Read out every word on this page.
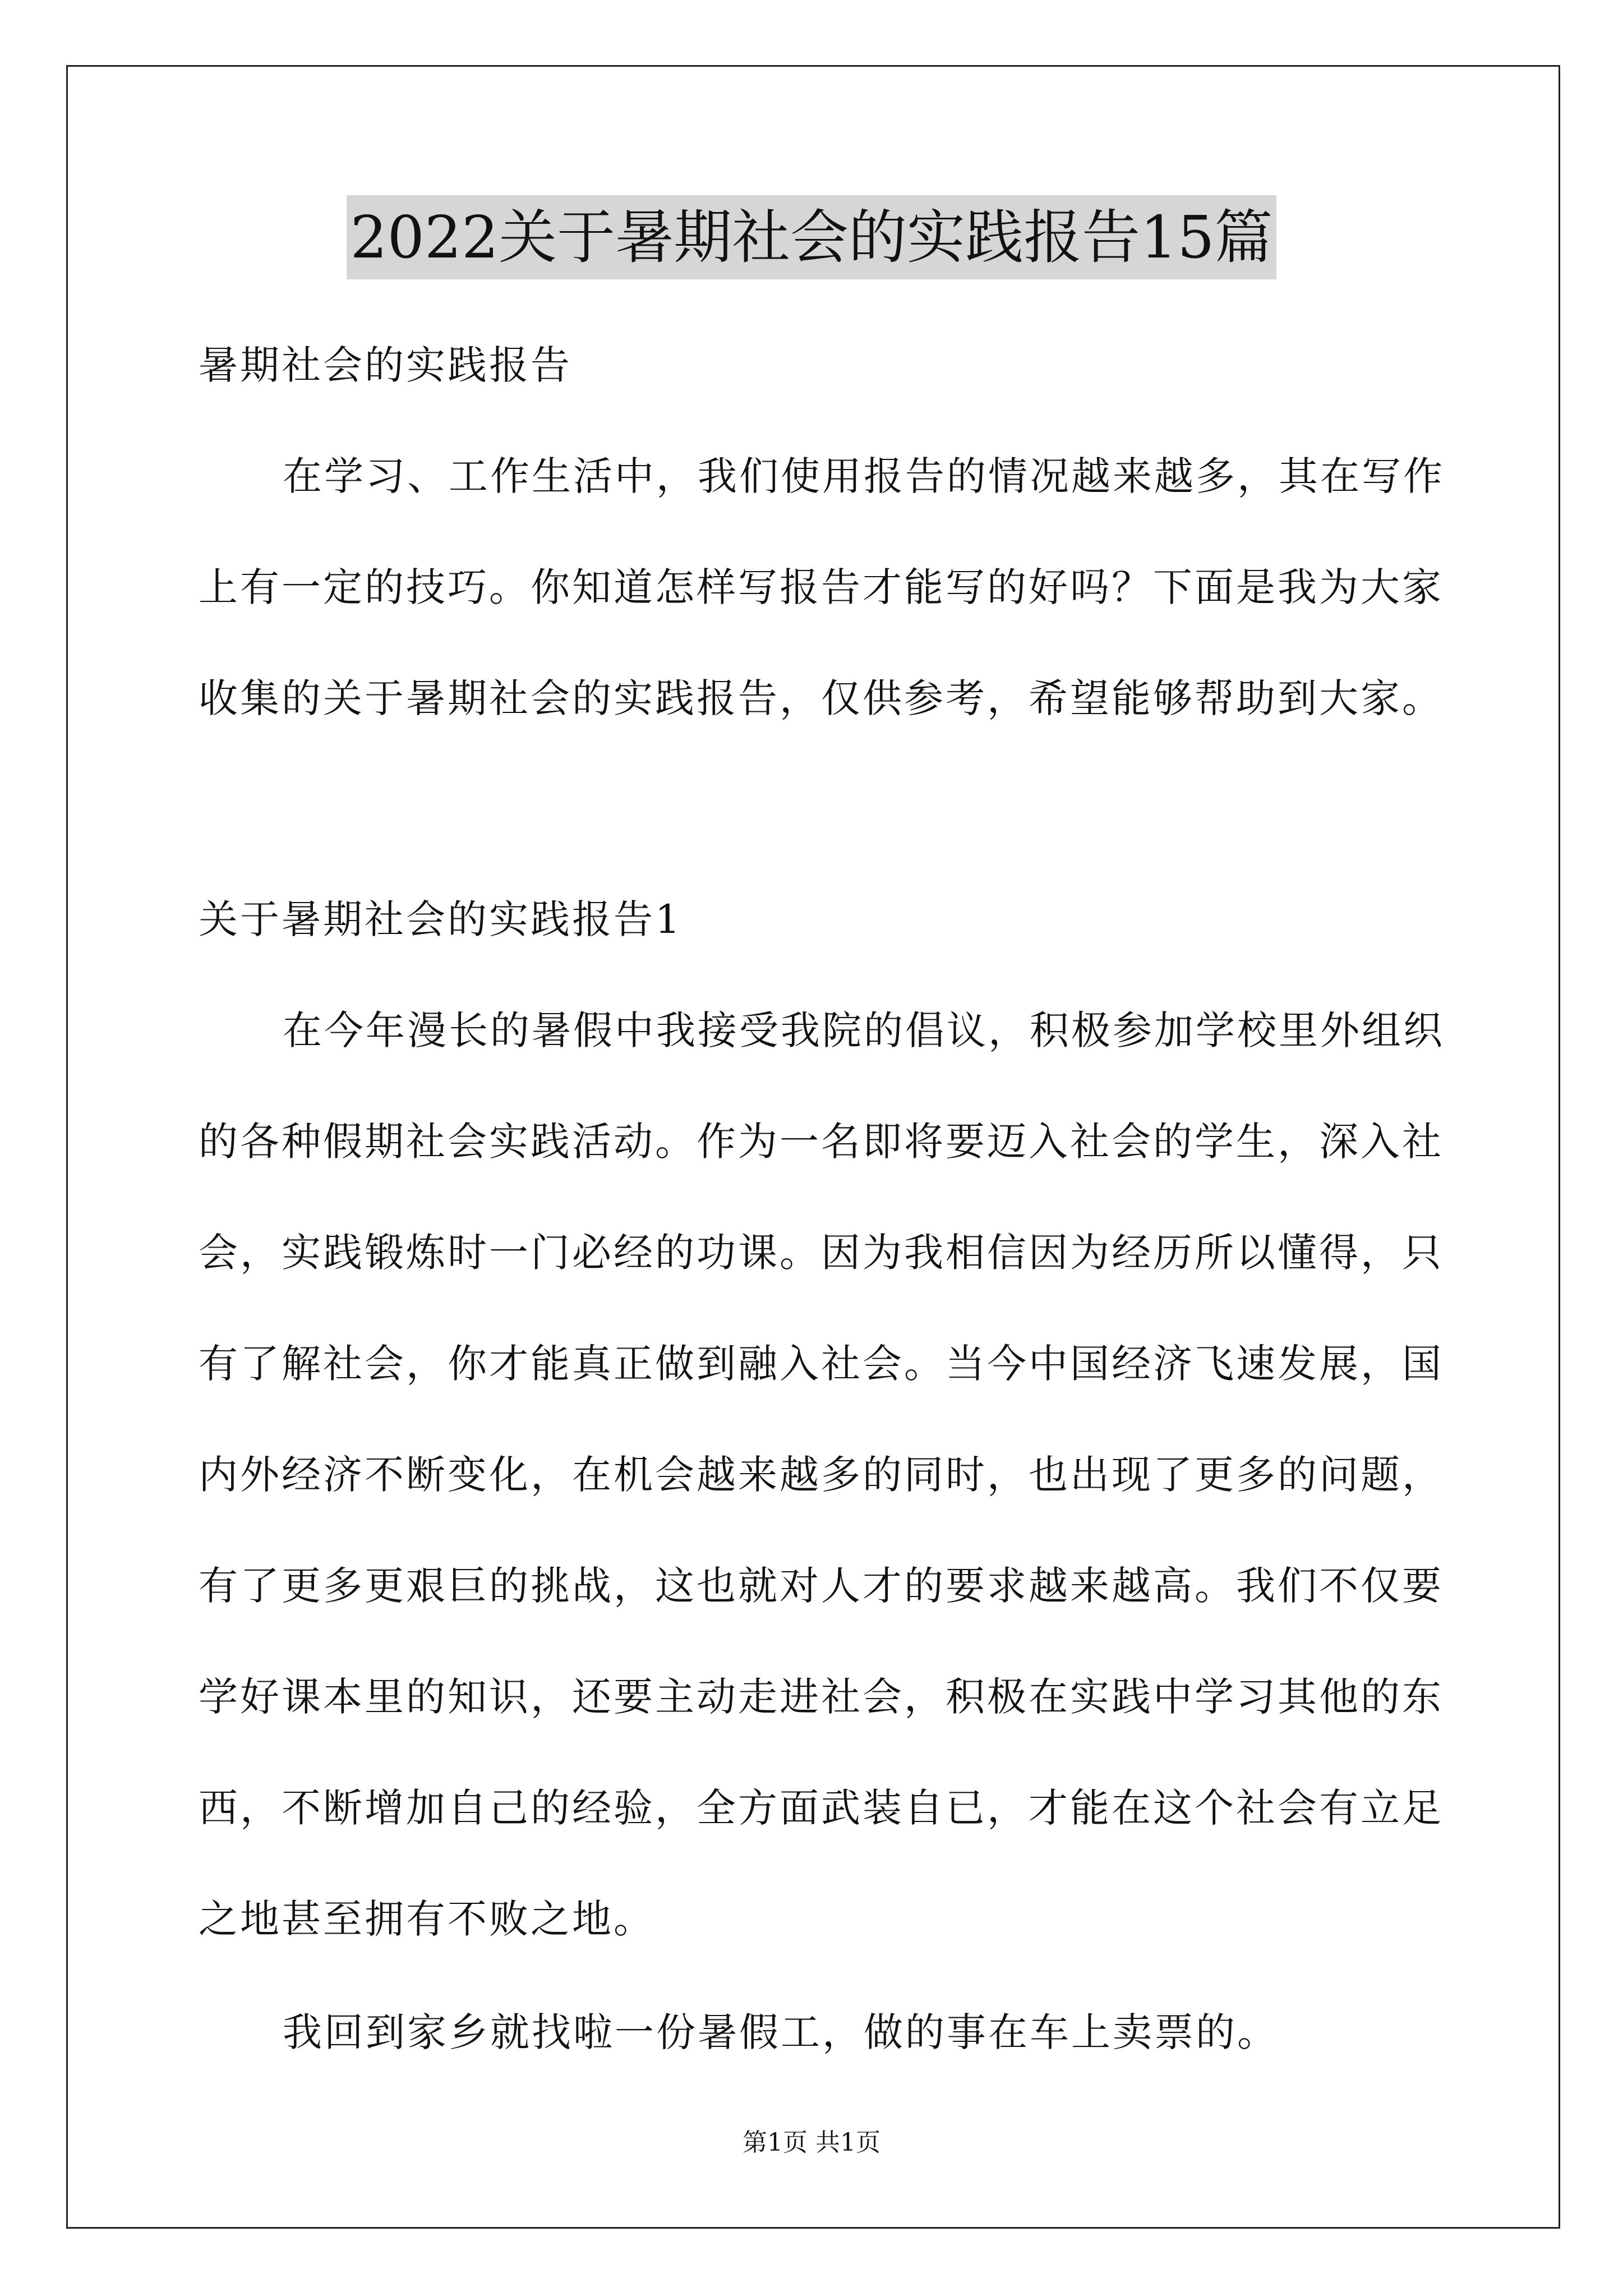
2022关于暑期社会的实践报告15篇
暑期社会的实践报告
在学习、工作生活中，我们使用报告的情况越来越多，其在写作
上有一定的技巧。你知道怎样写报告才能写的好吗？下面是我为大家
收集的关于暑期社会的实践报告，仅供参考，希望能够帮助到大家。
关于暑期社会的实践报告1
在今年漫长的暑假中我接受我院的倡议，积极参加学校里外组织
的各种假期社会实践活动。作为一名即将要迈入社会的学生，深入社
会，实践锻炼时一门必经的功课。因为我相信因为经历所以懂得，只
有了解社会，你才能真正做到融入社会。当今中国经济飞速发展，国
内外经济不断变化，在机会越来越多的同时，也出现了更多的问题，
有了更多更艰巨的挑战，这也就对人才的要求越来越高。我们不仅要
学好课本里的知识，还要主动走进社会，积极在实践中学习其他的东
西，不断增加自己的经验，全方面武装自已，才能在这个社会有立足
之地甚至拥有不败之地。
我回到家乡就找啦一份暑假工，做的事在车上卖票的。
第1页 共1页
